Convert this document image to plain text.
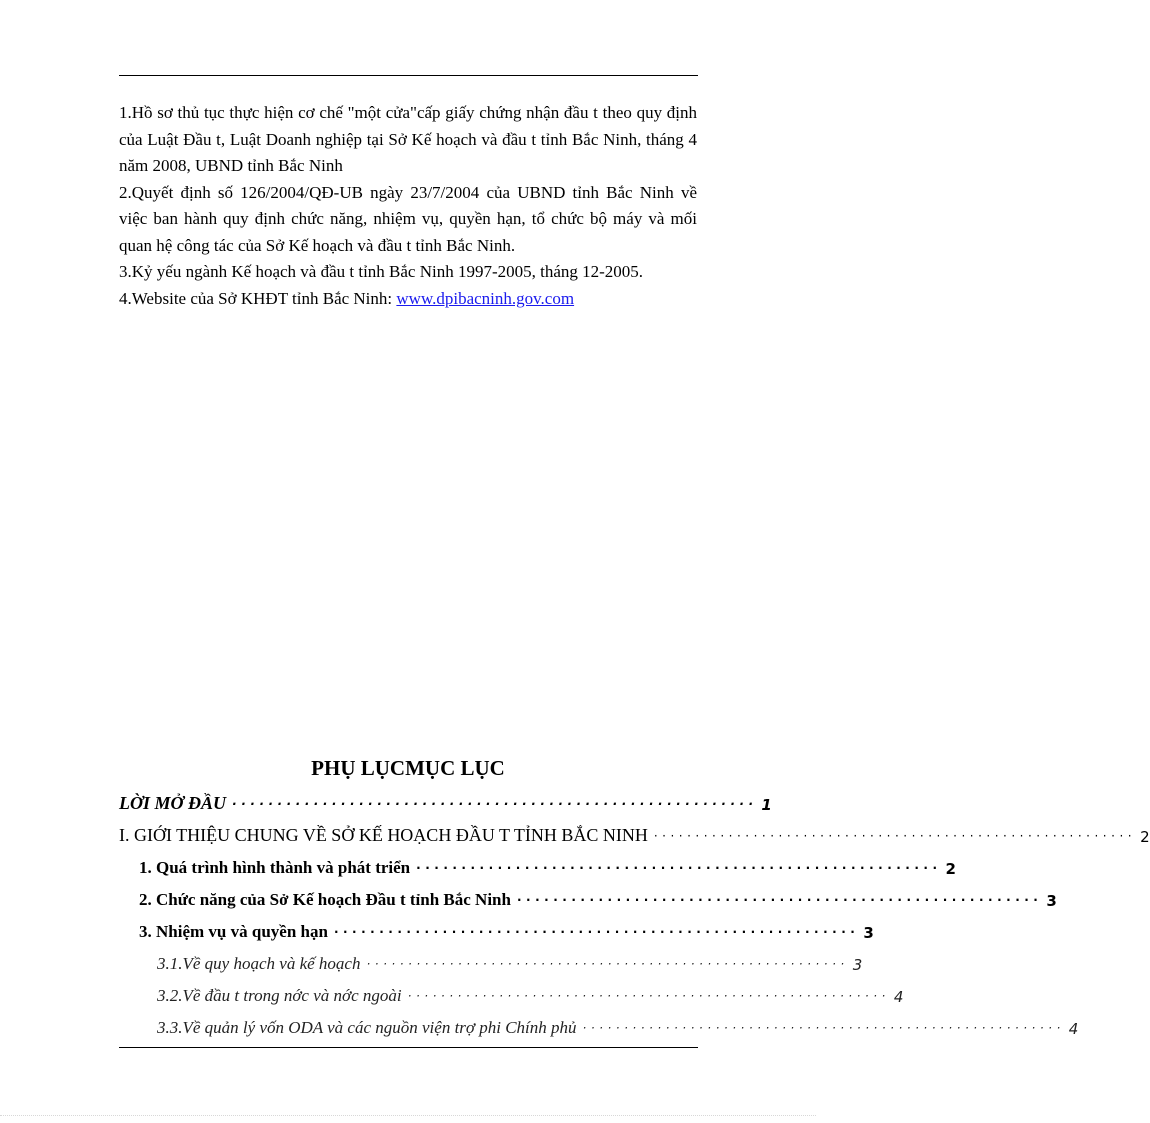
1.Hồ sơ thủ tục thực hiện cơ chế "một cửa"cấp giấy chứng nhận đầu t theo quy định của Luật Đầu t, Luật Doanh nghiệp tại Sở Kế hoạch và đầu t tỉnh Bắc Ninh, tháng 4 năm 2008, UBND tỉnh Bắc Ninh

2.Quyết định số 126/2004/QĐ-UB ngày 23/7/2004 của UBND tỉnh Bắc Ninh về việc ban hành quy định chức năng, nhiệm vụ, quyền hạn, tổ chức bộ máy và mối quan hệ công tác của Sở Kế hoạch và đầu t tỉnh Bắc Ninh.

3.Kỷ yếu ngành Kế hoạch và đầu t tỉnh Bắc Ninh 1997-2005, tháng 12-2005.

4.Website của Sở KHĐT tỉnh Bắc Ninh: www.dpibacninh.gov.com

PHỤ LỤCMỤC LỤC
LỜI MỞ ĐẦU ·························································· 1
I. GIỚI THIỆU CHUNG VỀ SỞ KẾ HOẠCH ĐẦU T TỈNH BẮC NINH ·························································· 2
1. Quá trình hình thành và phát triển ·························································· 2
2. Chức năng của Sở Kế hoạch Đầu t tỉnh Bắc Ninh ·························································· 3
3. Nhiệm vụ và quyền hạn ·························································· 3
3.1.Về quy hoạch và kế hoạch ·························································· 3
3.2.Về đầu t trong nớc và nớc ngoài ·························································· 4
3.3.Về quản lý vốn ODA và các nguồn viện trợ phi Chính phủ ·························································· 4
